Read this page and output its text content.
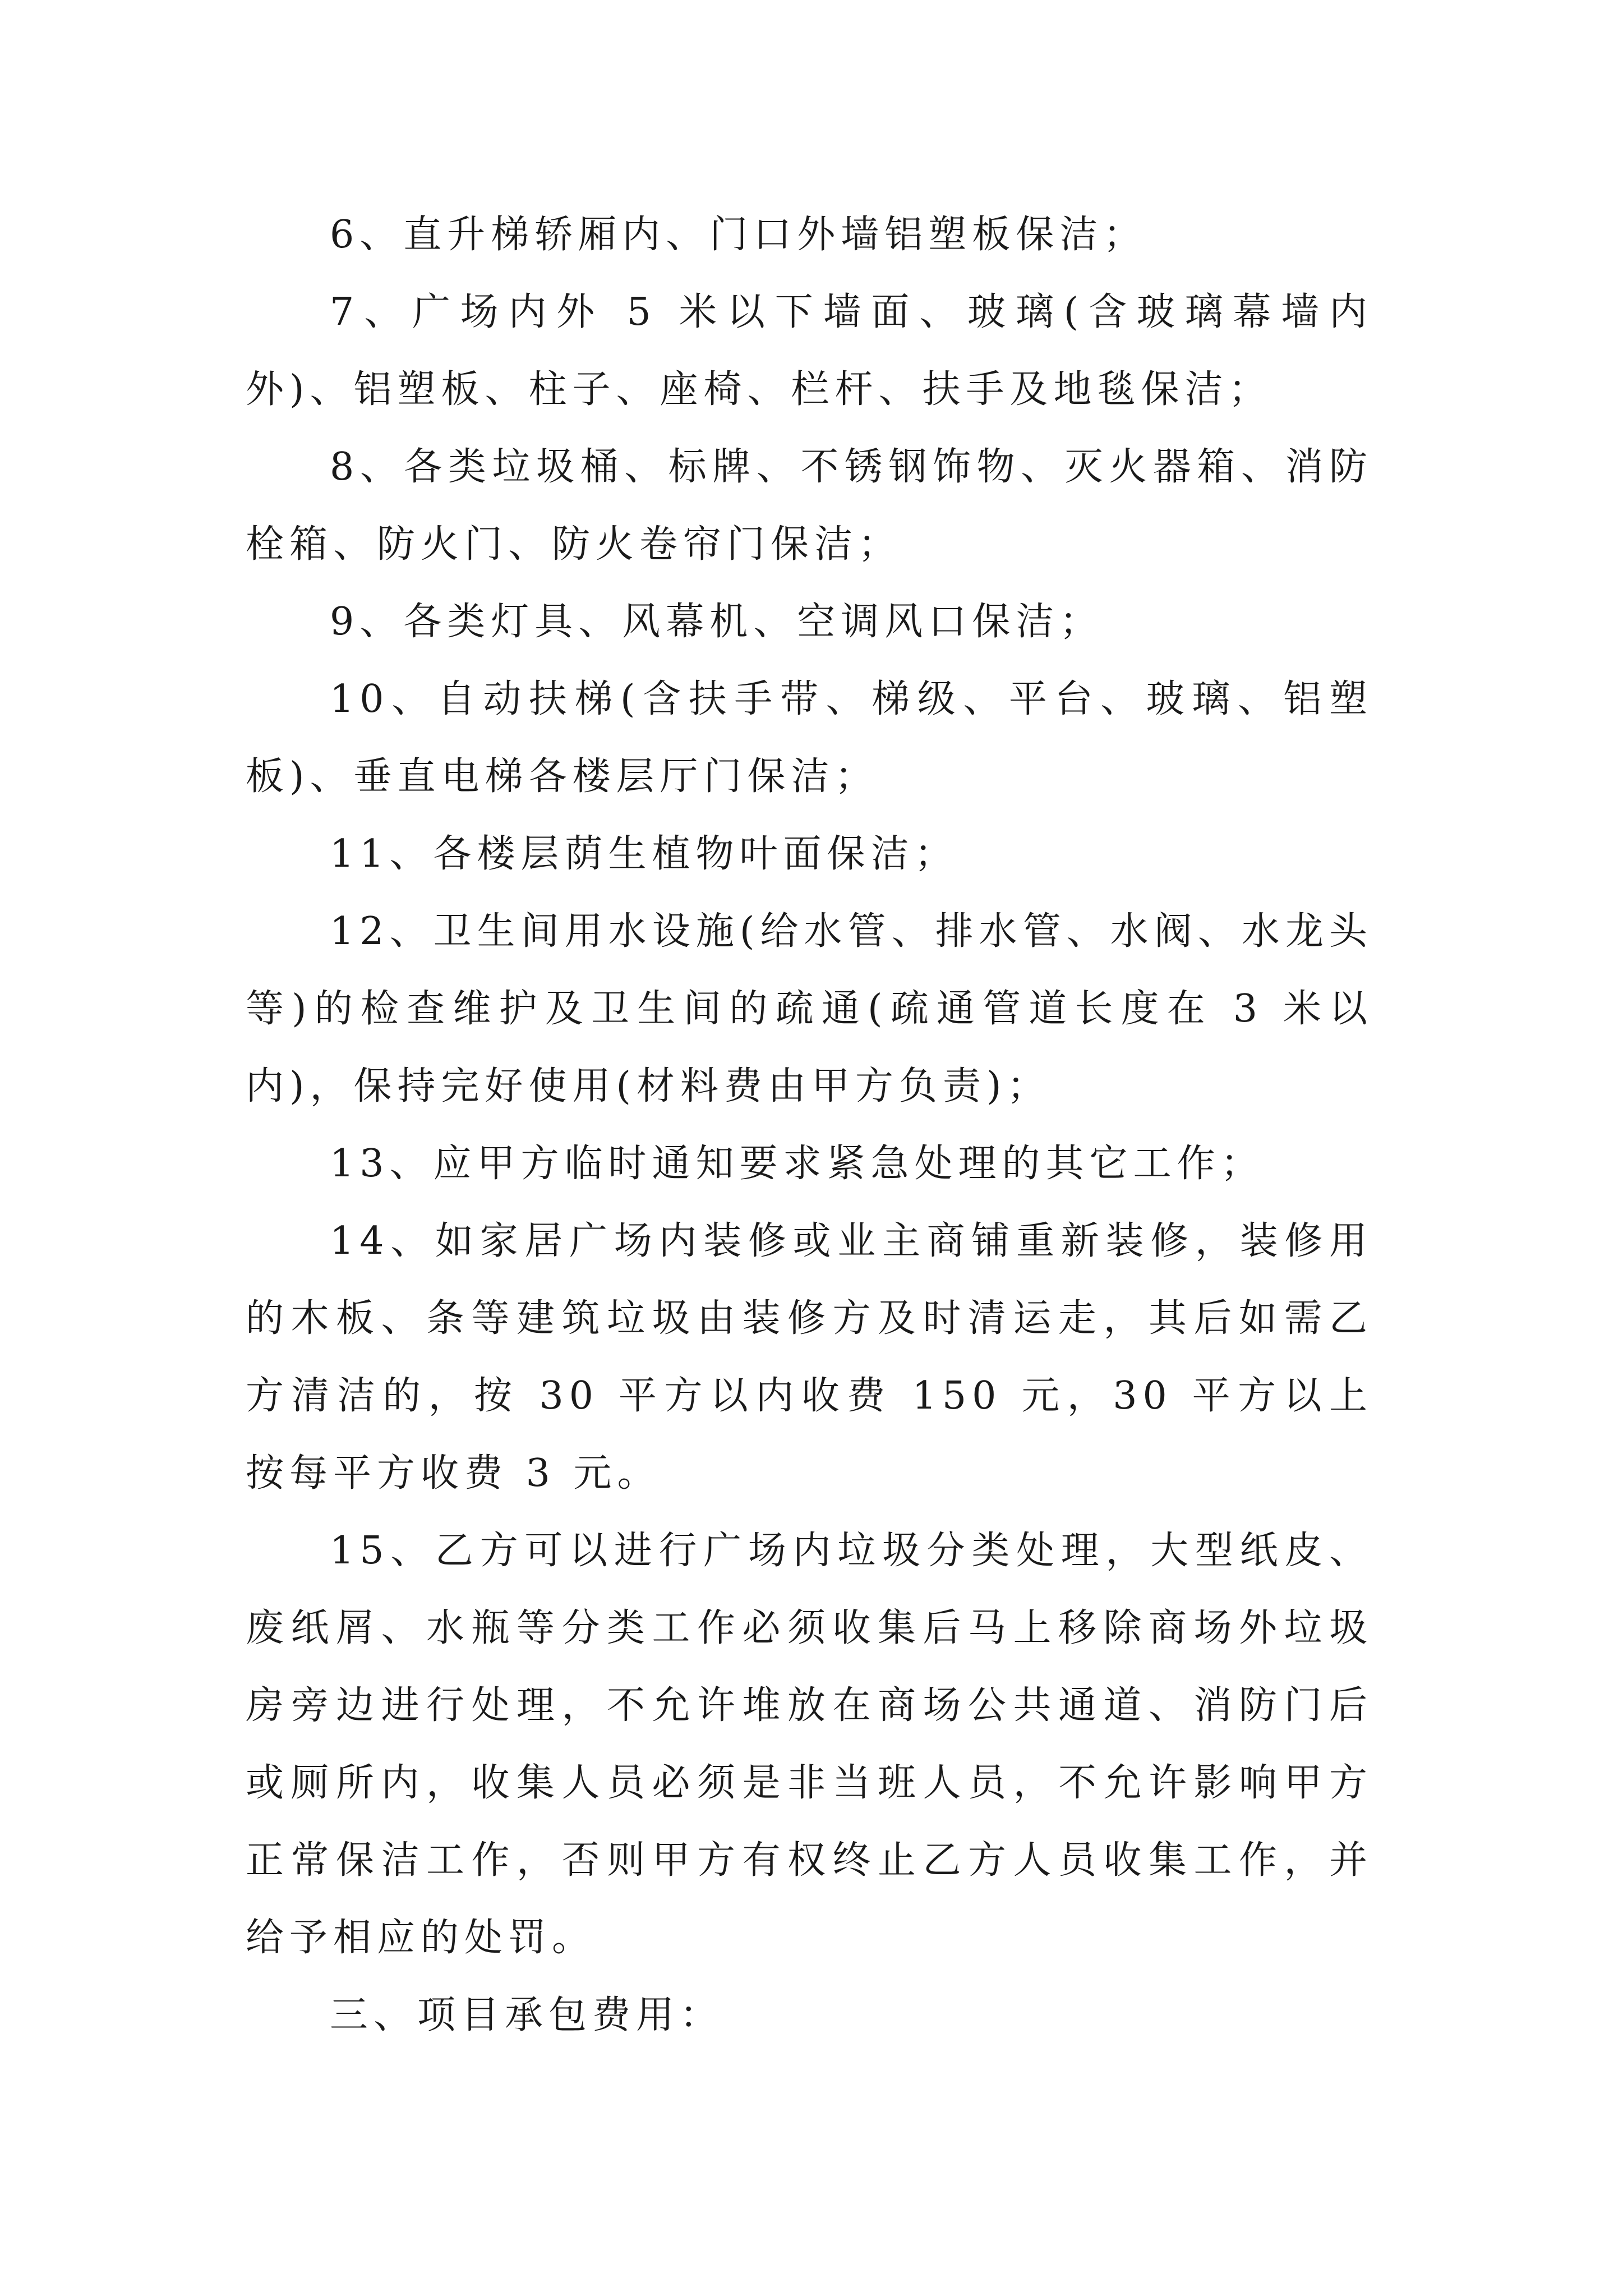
6、直升梯轿厢内、门口外墙铝塑板保洁；

7、广场内外 5 米以下墙面、玻璃(含玻璃幕墙内外)、铝塑板、柱子、座椅、栏杆、扶手及地毯保洁；

8、各类垃圾桶、标牌、不锈钢饰物、灭火器箱、消防栓箱、防火门、防火卷帘门保洁；

9、各类灯具、风幕机、空调风口保洁；

10、自动扶梯(含扶手带、梯级、平台、玻璃、铝塑板)、垂直电梯各楼层厅门保洁；

11、各楼层荫生植物叶面保洁；

12、卫生间用水设施(给水管、排水管、水阀、水龙头等)的检查维护及卫生间的疏通(疏通管道长度在 3 米以内)，保持完好使用(材料费由甲方负责)；

13、应甲方临时通知要求紧急处理的其它工作；

14、如家居广场内装修或业主商铺重新装修，装修用的木板、条等建筑垃圾由装修方及时清运走，其后如需乙方清洁的，按 30 平方以内收费 150 元，30 平方以上按每平方收费 3 元。

15、乙方可以进行广场内垃圾分类处理，大型纸皮、废纸屑、水瓶等分类工作必须收集后马上移除商场外垃圾房旁边进行处理，不允许堆放在商场公共通道、消防门后或厕所内，收集人员必须是非当班人员，不允许影响甲方正常保洁工作，否则甲方有权终止乙方人员收集工作，并给予相应的处罚。

三、项目承包费用：
